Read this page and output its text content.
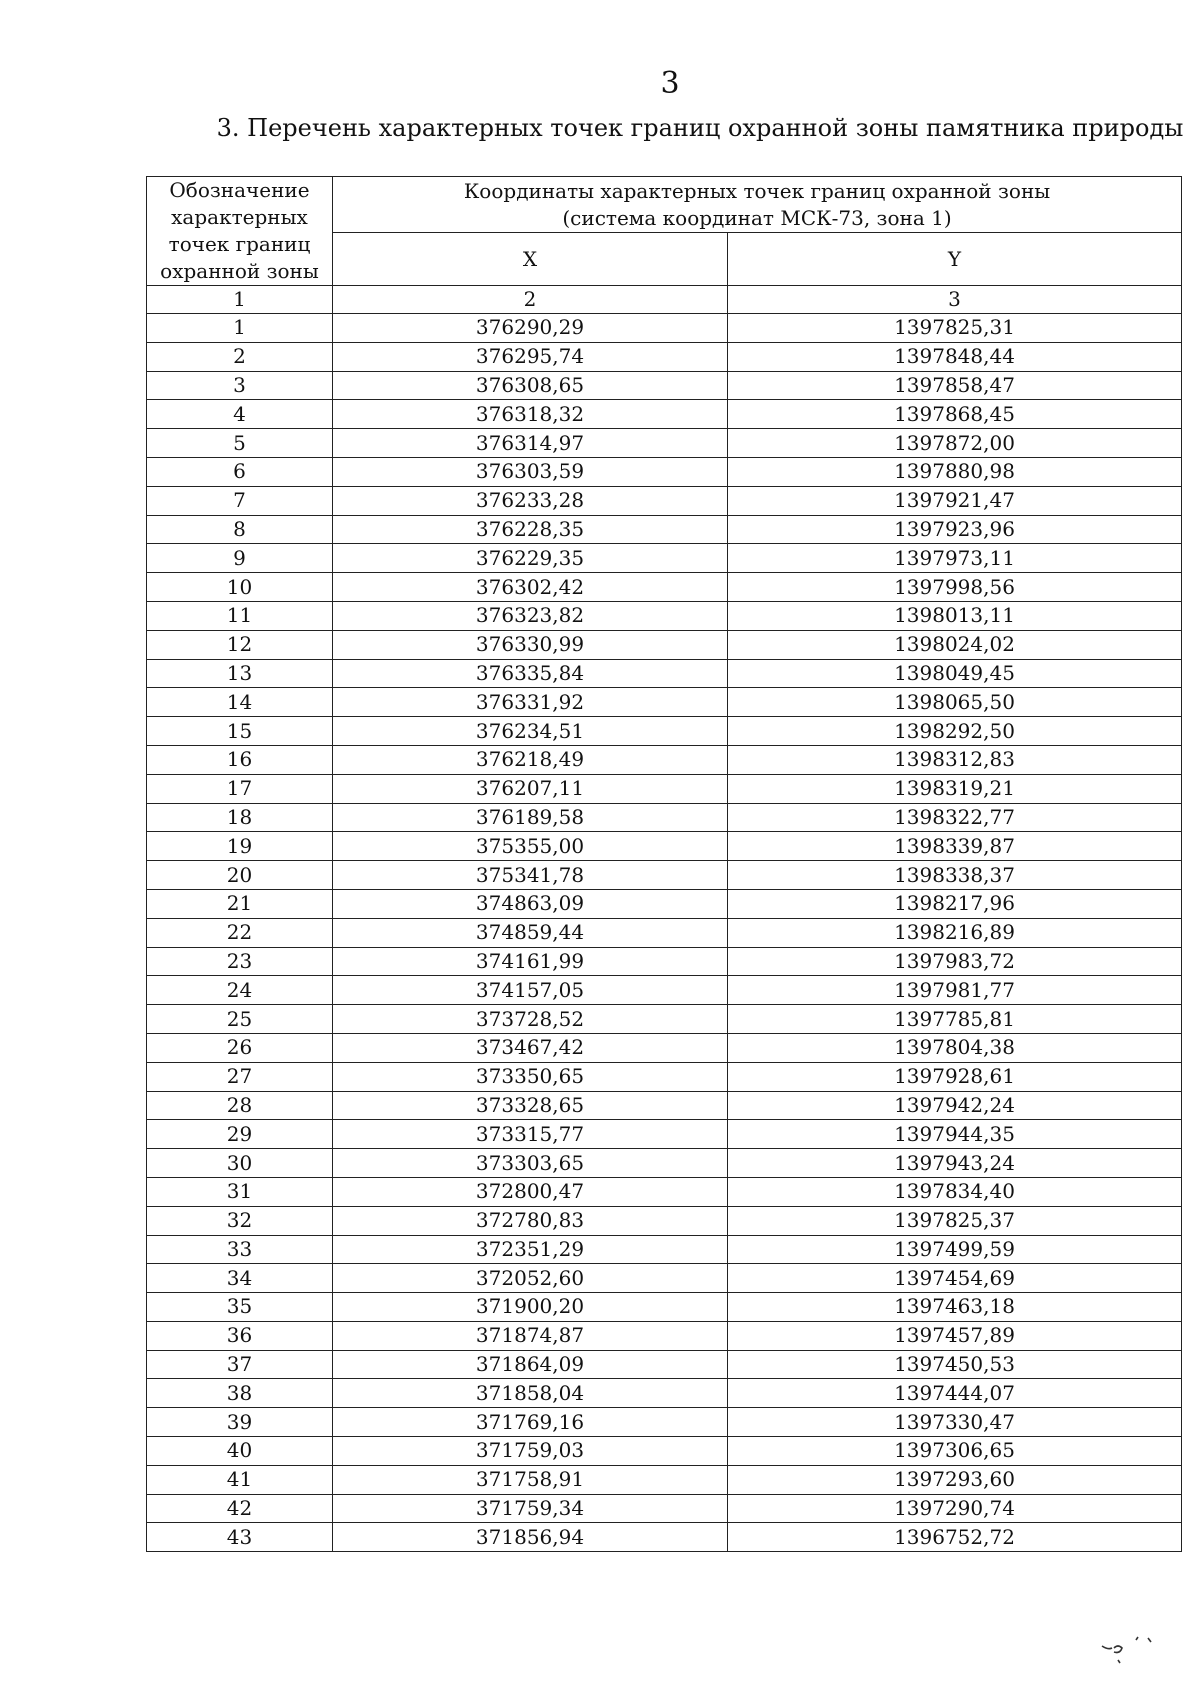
3
3. Перечень характерных точек границ охранной зоны памятника природы
Обозначение характерных точек границ охранной зоны	Координаты характерных точек границ охранной зоны
(система координат МСК-73, зона 1)	

	X	Y
1	2	3
1	376290,29	1397825,31
2	376295,74	1397848,44
3	376308,65	1397858,47
4	376318,32	1397868,45
5	376314,97	1397872,00
6	376303,59	1397880,98
7	376233,28	1397921,47
8	376228,35	1397923,96
9	376229,35	1397973,11
10	376302,42	1397998,56
11	376323,82	1398013,11
12	376330,99	1398024,02
13	376335,84	1398049,45
14	376331,92	1398065,50
15	376234,51	1398292,50
16	376218,49	1398312,83
17	376207,11	1398319,21
18	376189,58	1398322,77
19	375355,00	1398339,87
20	375341,78	1398338,37
21	374863,09	1398217,96
22	374859,44	1398216,89
23	374161,99	1397983,72
24	374157,05	1397981,77
25	373728,52	1397785,81
26	373467,42	1397804,38
27	373350,65	1397928,61
28	373328,65	1397942,24
29	373315,77	1397944,35
30	373303,65	1397943,24
31	372800,47	1397834,40
32	372780,83	1397825,37
33	372351,29	1397499,59
34	372052,60	1397454,69
35	371900,20	1397463,18
36	371874,87	1397457,89
37	371864,09	1397450,53
38	371858,04	1397444,07
39	371769,16	1397330,47
40	371759,03	1397306,65
41	371758,91	1397293,60
42	371759,34	1397290,74
43	371856,94	1396752,72
